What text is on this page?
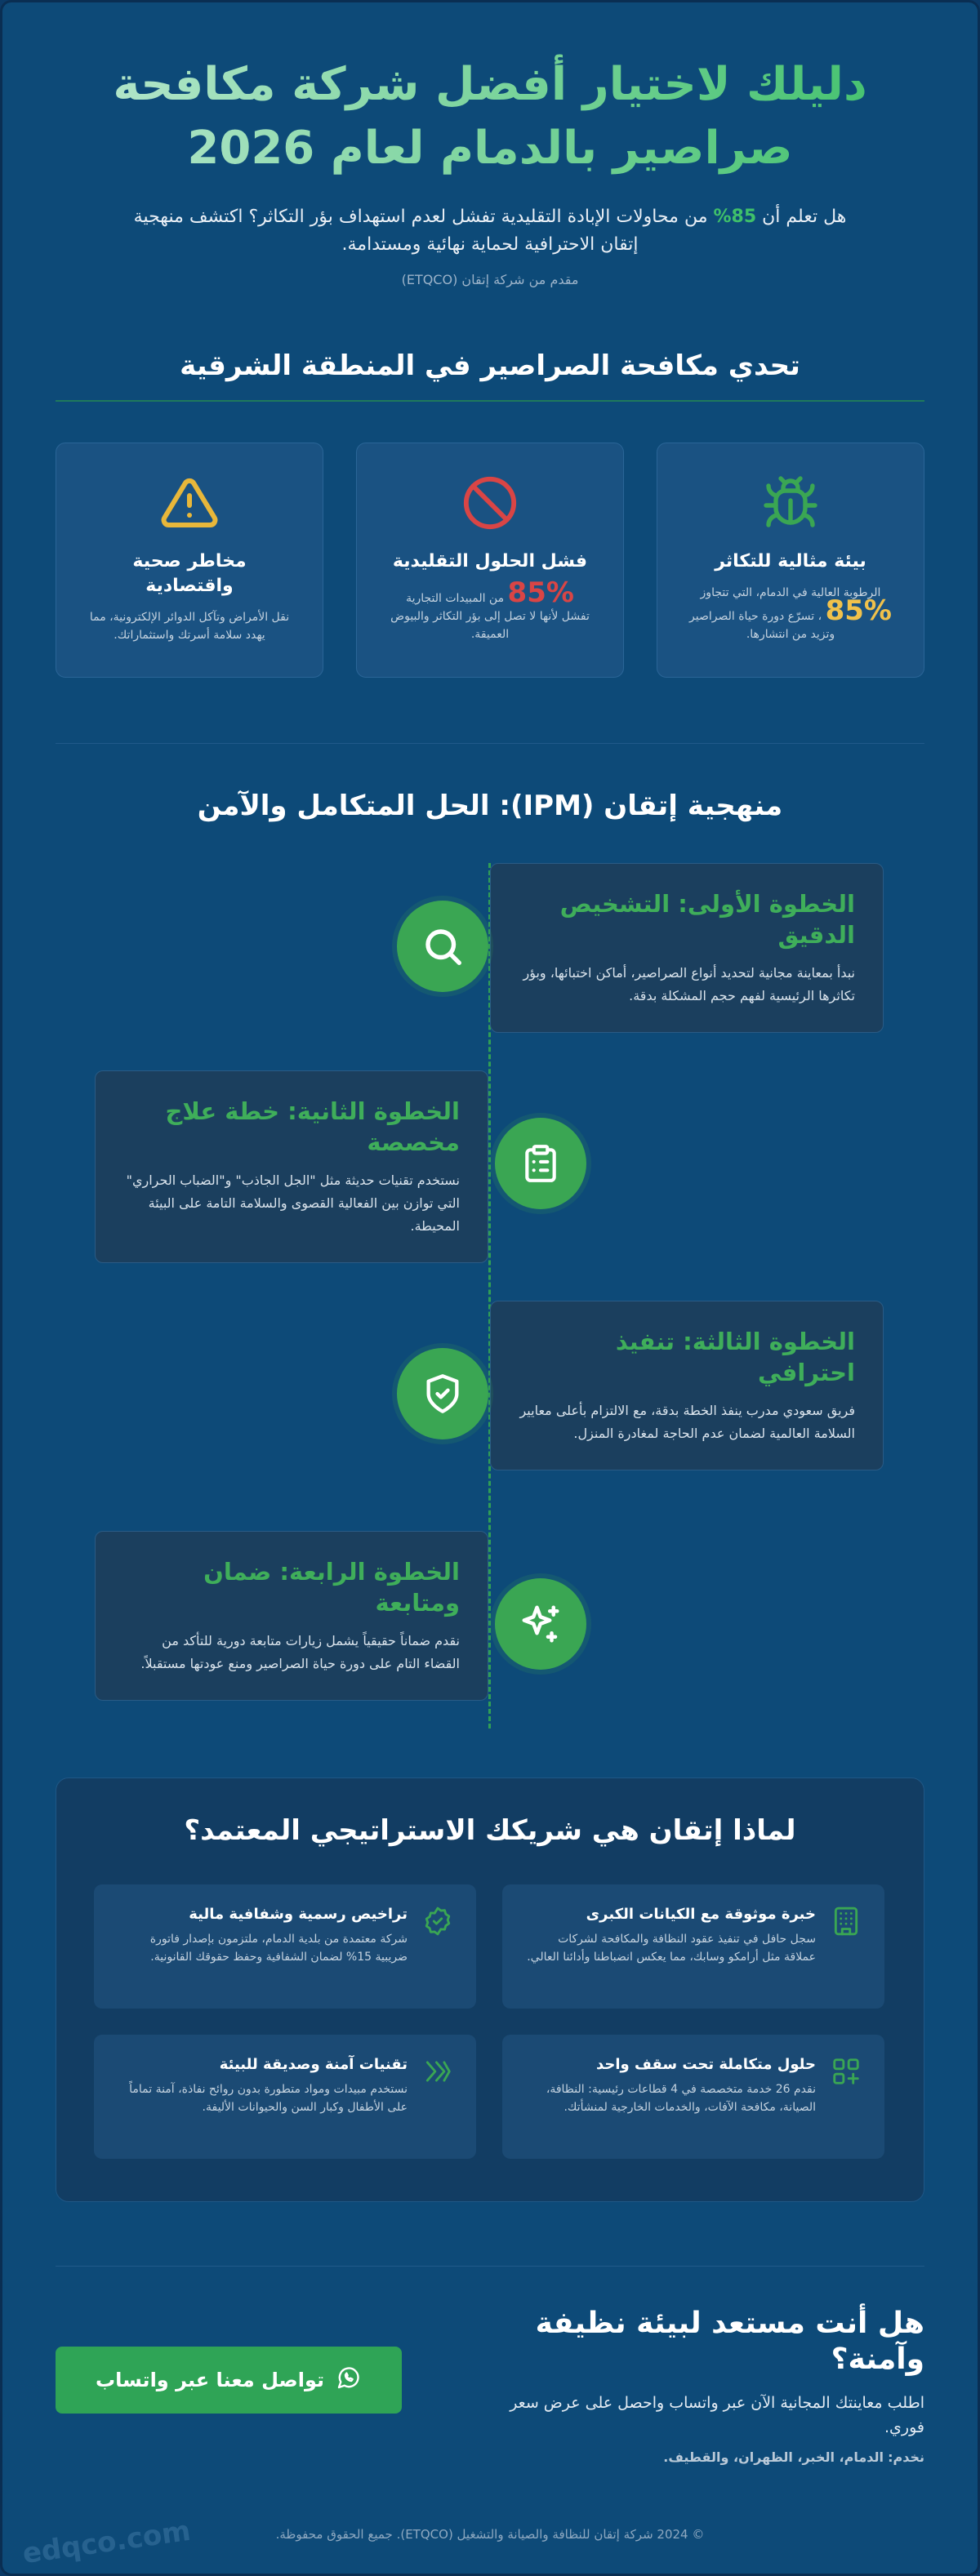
دليلك لاختيار أفضل شركة مكافحة صراصير بالدمام لعام 2026

هل تعلم أن 85% من محاولات الإبادة التقليدية تفشل لعدم استهداف بؤر التكاثر؟ اكتشف منهجية إتقان الاحترافية لحماية نهائية ومستدامة.

مقدم من شركة إتقان (ETQCO)

تحدي مكافحة الصراصير في المنطقة الشرقية
بيئة مثالية للتكاثر

الرطوبة العالية في الدمام، التي تتجاوز
85% ، تسرّع دورة حياة الصراصير وتزيد من انتشارها.

فشل الحلول التقليدية

85% من المبيدات التجارية
تفشل لأنها لا تصل إلى بؤر التكاثر والبيوض العميقة.

مخاطر صحية واقتصادية

نقل الأمراض وتآكل الدوائر الإلكترونية، مما يهدد سلامة أسرتك واستثماراتك.

منهجية إتقان (IPM): الحل المتكامل والآمن
الخطوة الأولى: التشخيص الدقيق

نبدأ بمعاينة مجانية لتحديد أنواع الصراصير، أماكن اختبائها، وبؤر تكاثرها الرئيسية لفهم حجم المشكلة بدقة.

الخطوة الثانية: خطة علاج مخصصة

نستخدم تقنيات حديثة مثل "الجل الجاذب" و"الضباب الحراري" التي توازن بين الفعالية القصوى والسلامة التامة على البيئة المحيطة.

الخطوة الثالثة: تنفيذ احترافي

فريق سعودي مدرب ينفذ الخطة بدقة، مع الالتزام بأعلى معايير السلامة العالمية لضمان عدم الحاجة لمغادرة المنزل.

الخطوة الرابعة: ضمان ومتابعة

نقدم ضماناً حقيقياً يشمل زيارات متابعة دورية للتأكد من القضاء التام على دورة حياة الصراصير ومنع عودتها مستقبلاً.

لماذا إتقان هي شريكك الاستراتيجي المعتمد؟
خبرة موثوقة مع الكيانات الكبرى

سجل حافل في تنفيذ عقود النظافة والمكافحة لشركات عملاقة مثل أرامكو وسابك، مما يعكس انضباطنا وأدائنا العالي.

تراخيص رسمية وشفافية مالية

شركة معتمدة من بلدية الدمام، ملتزمون بإصدار فاتورة ضريبية 15% لضمان الشفافية وحفظ حقوقك القانونية.

حلول متكاملة تحت سقف واحد

نقدم 26 خدمة متخصصة في 4 قطاعات رئيسية: النظافة، الصيانة، مكافحة الآفات، والخدمات الخارجية لمنشأتك.

تقنيات آمنة وصديقة للبيئة

نستخدم مبيدات ومواد متطورة بدون روائح نفاذة، آمنة تماماً على الأطفال وكبار السن والحيوانات الأليفة.

هل أنت مستعد لبيئة نظيفة وآمنة؟

اطلب معاينتك المجانية الآن عبر واتساب واحصل على عرض سعر فوري.

نخدم: الدمام، الخبر، الظهران، والقطيف.
تواصل معنا عبر واتساب

© 2024 شركة إتقان للنظافة والصيانة والتشغيل (ETQCO). جميع الحقوق محفوظة.

edqco.com
